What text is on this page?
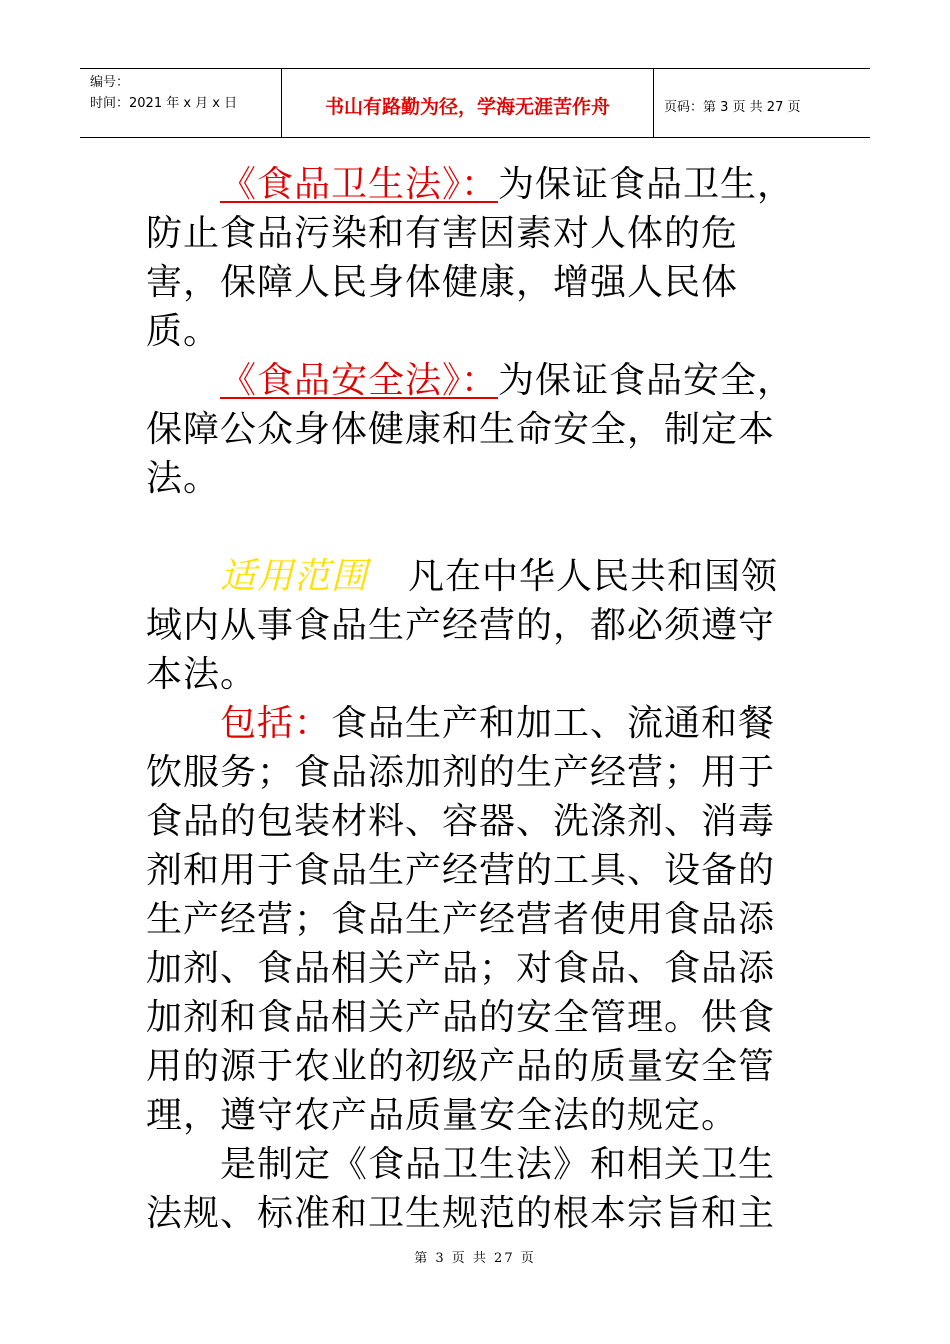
编号：
时间：2021 年 x 月 x 日	书山有路勤为径，学海无涯苦作舟	页码：第 3 页 共 27 页

《食品卫生法》：为保证食品卫生，防止食品污染和有害因素对人体的危害，保障人民身体健康，增强人民体质。

《食品安全法》：为保证食品安全，保障公众身体健康和生命安全，制定本法。

适用范围 凡在中华人民共和国领域内从事食品生产经营的，都必须遵守本法。

包括：食品生产和加工、流通和餐饮服务；食品添加剂的生产经营；用于食品的包装材料、容器、洗涤剂、消毒剂和用于食品生产经营的工具、设备的生产经营；食品生产经营者使用食品添加剂、食品相关产品；对食品、食品添加剂和食品相关产品的安全管理。供食用的源于农业的初级产品的质量安全管理，遵守农产品质量安全法的规定。

是制定《食品卫生法》和相关卫生法规、标准和卫生规范的根本宗旨和主

第 3 页 共 27 页
